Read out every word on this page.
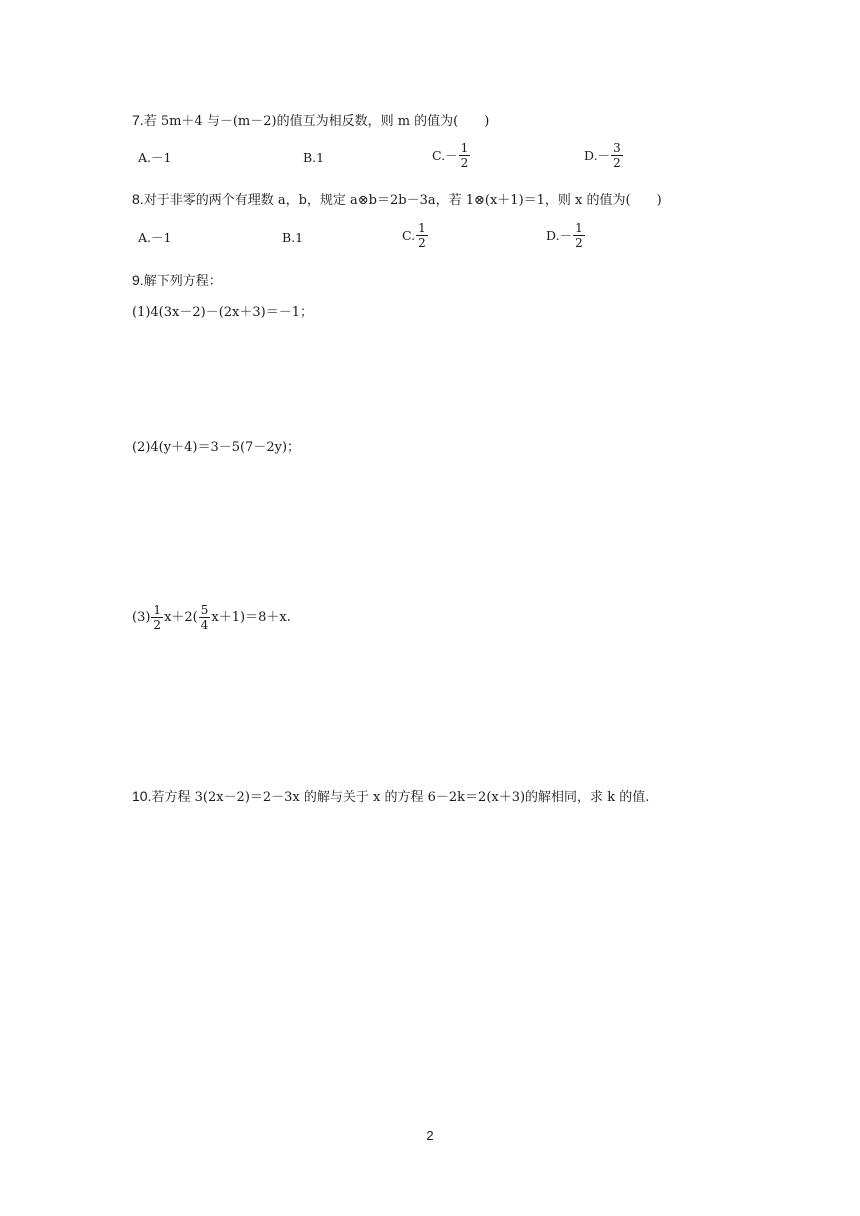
7.若 5m＋4 与－(m－2)的值互为相反数，则 m 的值为(　　)
A.－1	B.1	$C.- \frac{1}{2}$	$D.- \frac{3}{2}$
8.对于非零的两个有理数 a，b，规定 a⊗b＝2b－3a，若 1⊗(x＋1)＝1，则 x 的值为(　　)
A.－1	B.1	C. $\frac{1}{2}$	$D.- \frac{1}{2}$
9.解下列方程：
(1)4(3x－2)－(2x＋3)＝－1；
(2)4(y＋4)＝3－5(7－2y)；
$(3) \frac{1}{2} x+2( \frac{5}{4} x+1)=8+x$.
10.若方程 3(2x－2)＝2－3x 的解与关于 x 的方程 6－2k＝2(x＋3)的解相同，求 k 的值.
2
